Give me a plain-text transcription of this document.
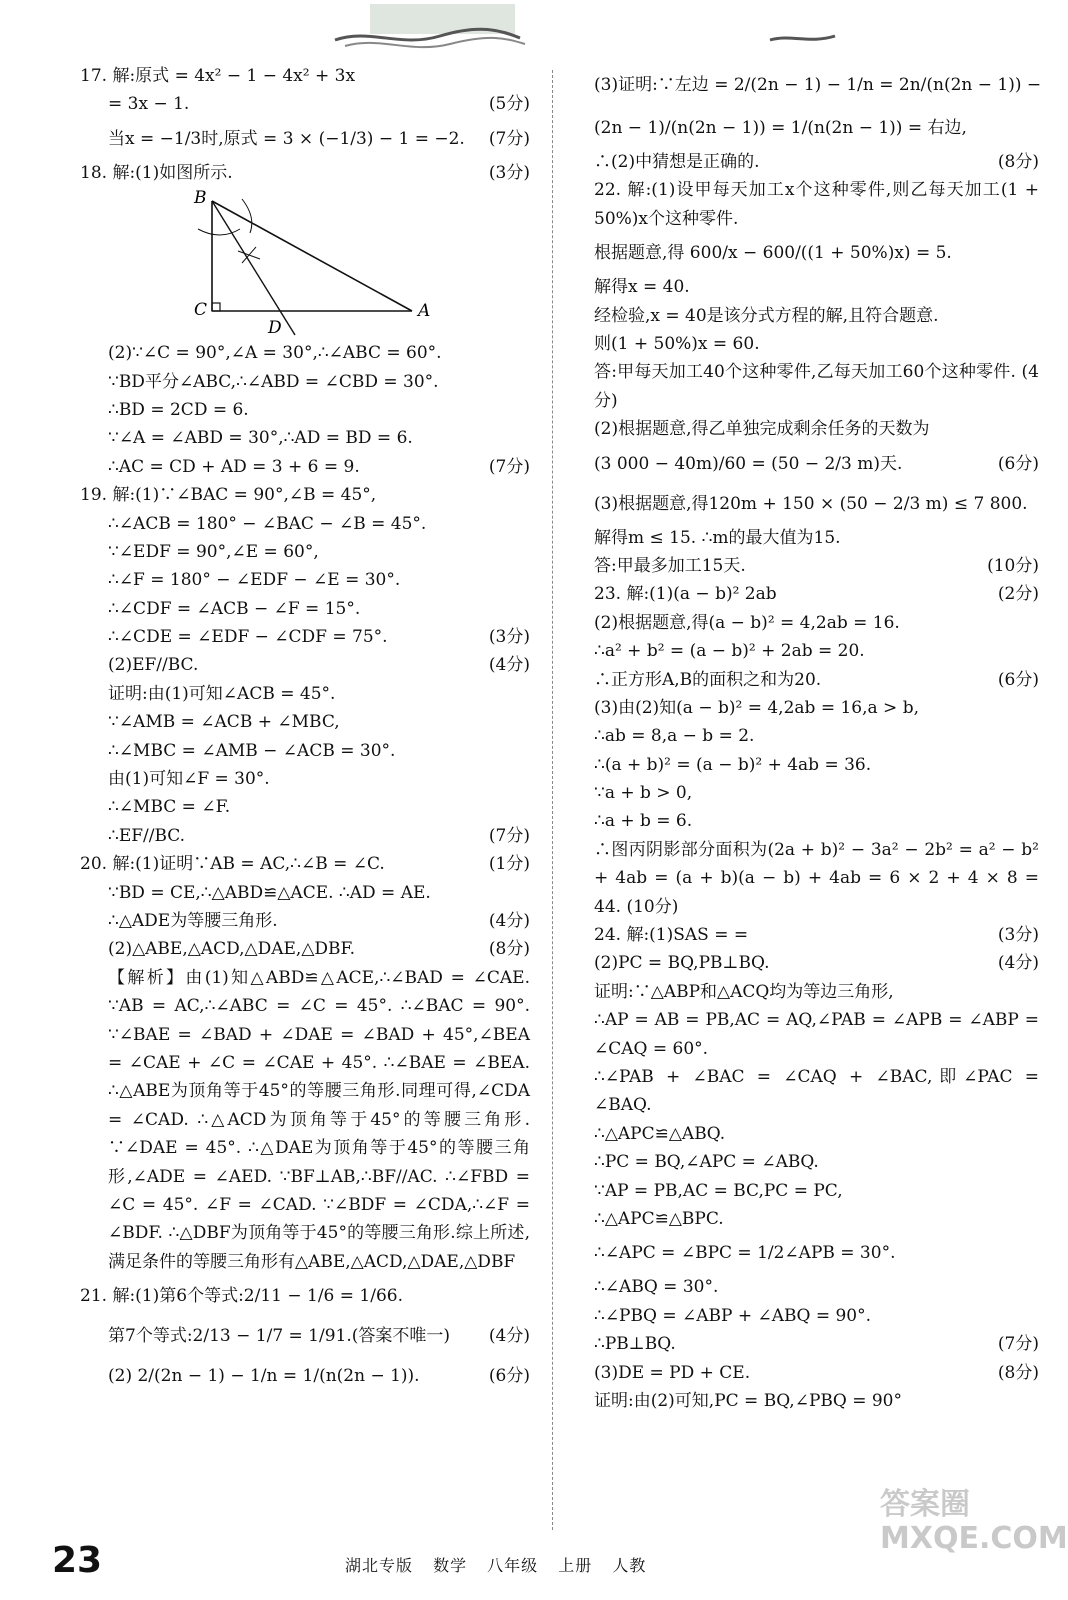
17. 解:原式 = 4x² − 1 − 4x² + 3x
= 3x − 1.	(5分)
当x = −1/3时,原式 = 3 × (−1/3) − 1 = −2. (7分)
18. 解:(1)如图所示.	(3分)
B
C	A
D
(2)∵∠C = 90°,∠A = 30°,∴∠ABC = 60°.
∵BD平分∠ABC,∴∠ABD = ∠CBD = 30°.
∴BD = 2CD = 6.
∵∠A = ∠ABD = 30°,∴AD = BD = 6.
∴AC = CD + AD = 3 + 6 = 9.	(7分)
19. 解:(1)∵∠BAC = 90°,∠B = 45°,
∴∠ACB = 180° − ∠BAC − ∠B = 45°.
∵∠EDF = 90°,∠E = 60°,
∴∠F = 180° − ∠EDF − ∠E = 30°.
∴∠CDF = ∠ACB − ∠F = 15°.
∴∠CDE = ∠EDF − ∠CDF = 75°.	(3分)
(2)EF//BC.	(4分)
证明:由(1)可知∠ACB = 45°.
∵∠AMB = ∠ACB + ∠MBC,
∴∠MBC = ∠AMB − ∠ACB = 30°.
由(1)可知∠F = 30°.
∴∠MBC = ∠F.
∴EF//BC.	(7分)
20. 解:(1)证明∵AB = AC,∴∠B = ∠C.	(1分)
∵BD = CE,∴△ABD≌△ACE. ∴AD = AE.
∴△ADE为等腰三角形.	(4分)
(2)△ABE,△ACD,△DAE,△DBF.	(8分)
【解析】由(1)知△ABD≌△ACE,∴∠BAD = ∠CAE. ∵AB = AC,∴∠ABC = ∠C = 45°. ∴∠BAC = 90°. ∵∠BAE = ∠BAD + ∠DAE = ∠BAD + 45°,∠BEA = ∠CAE + ∠C = ∠CAE + 45°. ∴∠BAE = ∠BEA. ∴△ABE为顶角等于45°的等腰三角形.同理可得,∠CDA = ∠CAD. ∴△ACD为顶角等于45°的等腰三角形. ∵∠DAE = 45°. ∴△DAE为顶角等于45°的等腰三角形,∠ADE = ∠AED. ∵BF⊥AB,∴BF//AC. ∴∠FBD = ∠C = 45°. ∠F = ∠CAD. ∵∠BDF = ∠CDA,∴∠F = ∠BDF. ∴△DBF为顶角等于45°的等腰三角形.综上所述,满足条件的等腰三角形有△ABE,△ACD,△DAE,△DBF
21. 解:(1)第6个等式:2/11 − 1/6 = 1/66.
第7个等式:2/13 − 1/7 = 1/91.(答案不唯一) (4分)
(2) 2/(2n − 1) − 1/n = 1/(n(2n − 1)).	(6分)
(3)证明:∵左边 = 2/(2n − 1) − 1/n = 2n/(n(2n − 1)) −
(2n − 1)/(n(2n − 1)) = 1/(n(2n − 1)) = 右边,
∴(2)中猜想是正确的.	(8分)
22. 解:(1)设甲每天加工x个这种零件,则乙每天加工(1 + 50%)x个这种零件.
根据题意,得 600/x − 600/((1 + 50%)x) = 5.
解得x = 40.
经检验,x = 40是该分式方程的解,且符合题意.
则(1 + 50%)x = 60.
答:甲每天加工40个这种零件,乙每天加工60个这种零件. (4分)
(2)根据题意,得乙单独完成剩余任务的天数为
(3 000 − 40m)/60 = (50 − 2/3 m)天.	(6分)
(3)根据题意,得120m + 150 × (50 − 2/3 m) ≤ 7 800.
解得m ≤ 15. ∴m的最大值为15.
答:甲最多加工15天.	(10分)
23. 解:(1)(a − b)² 2ab	(2分)
(2)根据题意,得(a − b)² = 4,2ab = 16.
∴a² + b² = (a − b)² + 2ab = 20.
∴正方形A,B的面积之和为20.	(6分)
(3)由(2)知(a − b)² = 4,2ab = 16,a > b,
∴ab = 8,a − b = 2.
∴(a + b)² = (a − b)² + 4ab = 36.
∵a + b > 0,
∴a + b = 6.
∴图丙阴影部分面积为(2a + b)² − 3a² − 2b² = a² − b² + 4ab = (a + b)(a − b) + 4ab = 6 × 2 + 4 × 8 = 44. (10分)
24. 解:(1)SAS = =	(3分)
(2)PC = BQ,PB⊥BQ.	(4分)
证明:∵△ABP和△ACQ均为等边三角形,
∴AP = AB = PB,AC = AQ,∠PAB = ∠APB = ∠ABP = ∠CAQ = 60°.
∴∠PAB + ∠BAC = ∠CAQ + ∠BAC,即∠PAC = ∠BAQ.
∴△APC≌△ABQ.
∴PC = BQ,∠APC = ∠ABQ.
∵AP = PB,AC = BC,PC = PC,
∴△APC≌△BPC.
∴∠APC = ∠BPC = 1/2∠APB = 30°.
∴∠ABQ = 30°.
∴∠PBQ = ∠ABP + ∠ABQ = 90°.
∴PB⊥BQ.	(7分)
(3)DE = PD + CE.	(8分)
证明:由(2)可知,PC = BQ,∠PBQ = 90°
答案圈
MXQE.COM
23	湖北专版 数学 八年级 上册 人教
